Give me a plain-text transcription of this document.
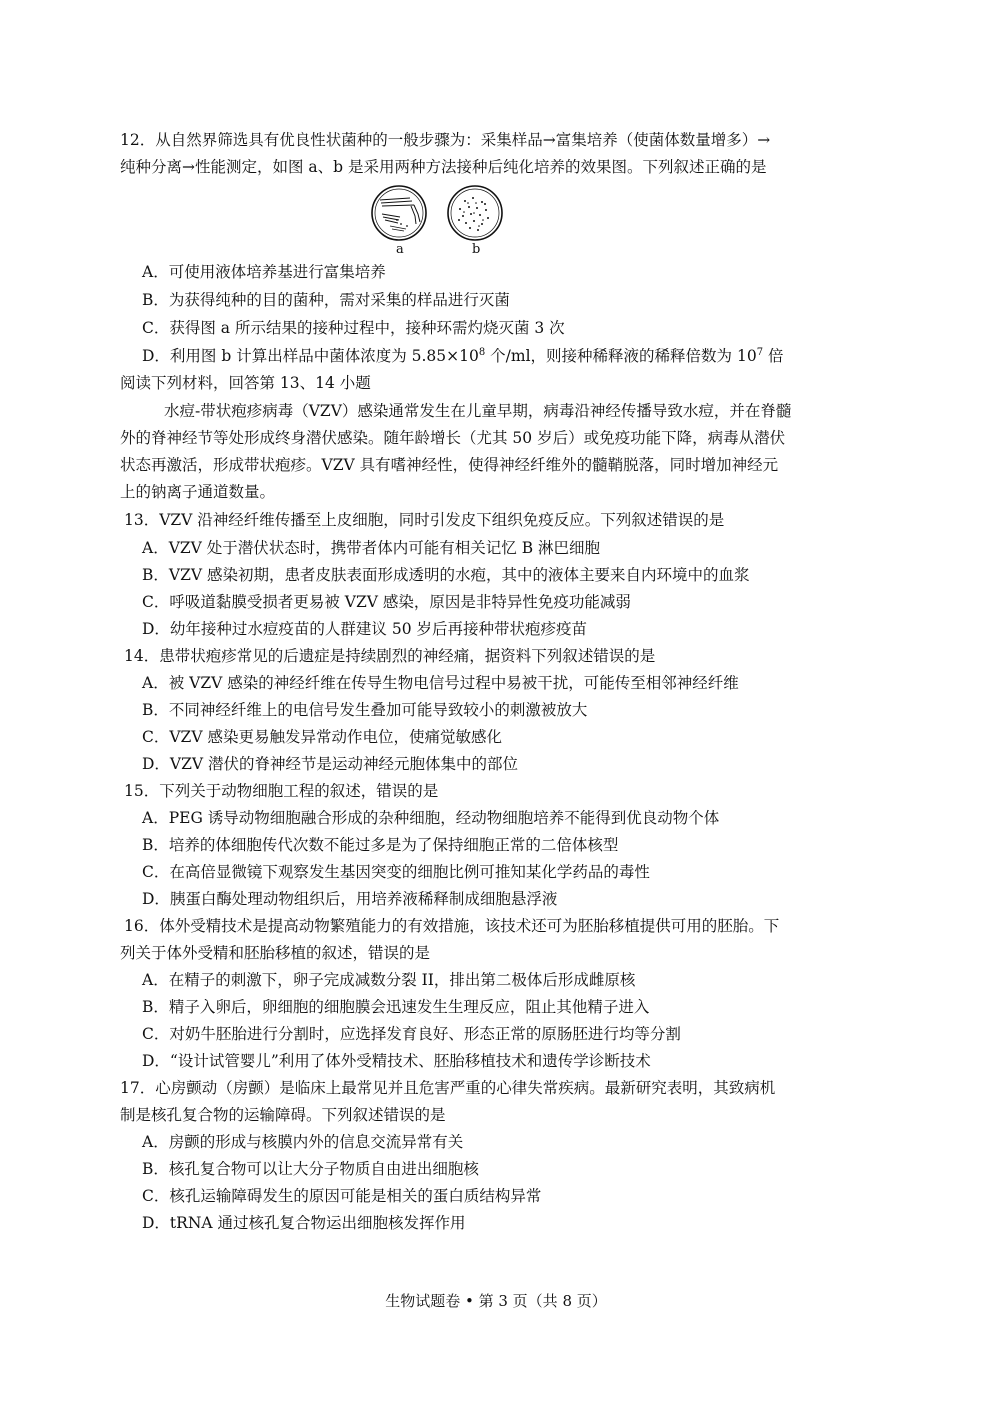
12．从自然界筛选具有优良性状菌种的一般步骤为：采集样品→富集培养（使菌体数量增多）→
纯种分离→性能测定，如图 a、b 是采用两种方法接种后纯化培养的效果图。下列叙述正确的是
a	b
A．可使用液体培养基进行富集培养
B．为获得纯种的目的菌种，需对采集的样品进行灭菌
C．获得图 a 所示结果的接种过程中，接种环需灼烧灭菌 3 次
D．利用图 b 计算出样品中菌体浓度为 $5.85\times 10^8$ 个/ml，则接种稀释液的稀释倍数为 $10^7$ 倍
阅读下列材料，回答第 13、14 小题
水痘-带状疱疹病毒（VZV）感染通常发生在儿童早期，病毒沿神经传播导致水痘，并在脊髓
外的脊神经节等处形成终身潜伏感染。随年龄增长（尤其 50 岁后）或免疫功能下降，病毒从潜伏
状态再激活，形成带状疱疹。VZV 具有嗜神经性，使得神经纤维外的髓鞘脱落，同时增加神经元
上的钠离子通道数量。
13．VZV 沿神经纤维传播至上皮细胞，同时引发皮下组织免疫反应。下列叙述错误的是
A．VZV 处于潜伏状态时，携带者体内可能有相关记忆 B 淋巴细胞
B．VZV 感染初期，患者皮肤表面形成透明的水疱，其中的液体主要来自内环境中的血浆
C．呼吸道黏膜受损者更易被 VZV 感染，原因是非特异性免疫功能减弱
D．幼年接种过水痘疫苗的人群建议 50 岁后再接种带状疱疹疫苗
14．患带状疱疹常见的后遗症是持续剧烈的神经痛，据资料下列叙述错误的是
A．被 VZV 感染的神经纤维在传导生物电信号过程中易被干扰，可能传至相邻神经纤维
B．不同神经纤维上的电信号发生叠加可能导致较小的刺激被放大
C．VZV 感染更易触发异常动作电位，使痛觉敏感化
D．VZV 潜伏的脊神经节是运动神经元胞体集中的部位
15．下列关于动物细胞工程的叙述，错误的是
A．PEG 诱导动物细胞融合形成的杂种细胞，经动物细胞培养不能得到优良动物个体
B．培养的体细胞传代次数不能过多是为了保持细胞正常的二倍体核型
C．在高倍显微镜下观察发生基因突变的细胞比例可推知某化学药品的毒性
D．胰蛋白酶处理动物组织后，用培养液稀释制成细胞悬浮液
16．体外受精技术是提高动物繁殖能力的有效措施，该技术还可为胚胎移植提供可用的胚胎。下
列关于体外受精和胚胎移植的叙述，错误的是
A．在精子的刺激下，卵子完成减数分裂 II，排出第二极体后形成雌原核
B．精子入卵后，卵细胞的细胞膜会迅速发生生理反应，阻止其他精子进入
C．对奶牛胚胎进行分割时，应选择发育良好、形态正常的原肠胚进行均等分割
D．“设计试管婴儿”利用了体外受精技术、胚胎移植技术和遗传学诊断技术
17．心房颤动（房颤）是临床上最常见并且危害严重的心律失常疾病。最新研究表明，其致病机
制是核孔复合物的运输障碍。下列叙述错误的是
A．房颤的形成与核膜内外的信息交流异常有关
B．核孔复合物可以让大分子物质自由进出细胞核
C．核孔运输障碍发生的原因可能是相关的蛋白质结构异常
D．tRNA 通过核孔复合物运出细胞核发挥作用
生物试题卷 • 第 3 页（共 8 页）
